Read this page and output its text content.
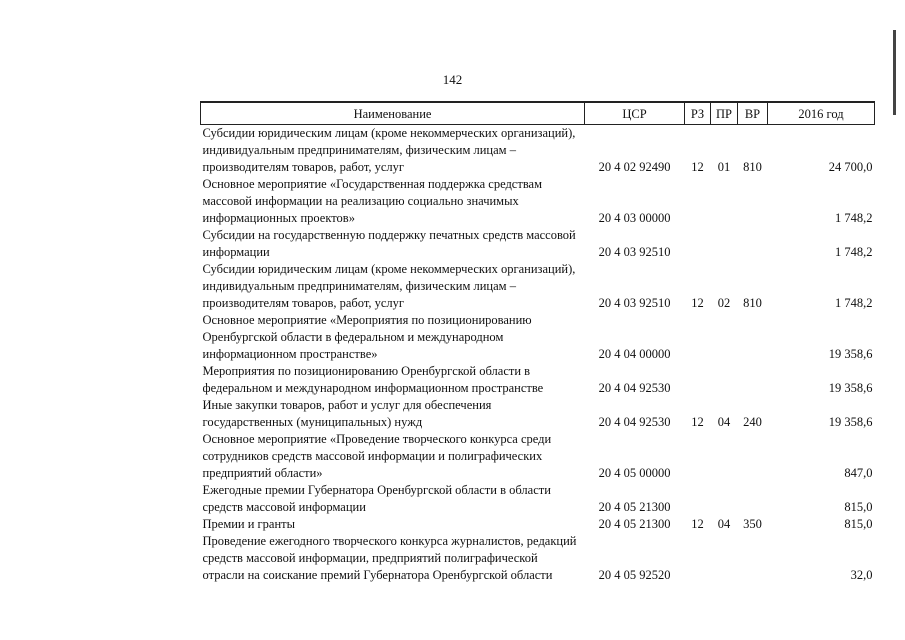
142
Наименование	ЦСР	РЗ	ПР	ВР	2016 год
Субсидии юридическим лицам (кроме некоммерческих организаций), индивидуальным предпринимателям, физическим лицам – производителям товаров, работ, услуг	20 4 02 92490	12	01	810	24 700,0
Основное мероприятие «Государственная поддержка средствам массовой информации на реализацию социально значимых информационных проектов»	20 4 03 00000				1 748,2
Субсидии на государственную поддержку печатных средств массовой информации	20 4 03 92510				1 748,2
Субсидии юридическим лицам (кроме некоммерческих организаций), индивидуальным предпринимателям, физическим лицам – производителям товаров, работ, услуг	20 4 03 92510	12	02	810	1 748,2
Основное мероприятие «Мероприятия по позиционированию Оренбургской области в федеральном и международном информационном пространстве»	20 4 04 00000				19 358,6
Мероприятия по позиционированию Оренбургской области в федеральном и международном информационном пространстве	20 4 04 92530				19 358,6
Иные закупки товаров, работ и услуг для обеспечения государственных (муниципальных) нужд	20 4 04 92530	12	04	240	19 358,6
Основное мероприятие «Проведение творческого конкурса среди сотрудников средств массовой информации и полиграфических предприятий области»	20 4 05 00000				847,0
Ежегодные премии Губернатора Оренбургской области в области средств массовой информации	20 4 05 21300				815,0
Премии и гранты	20 4 05 21300	12	04	350	815,0
Проведение ежегодного творческого конкурса журналистов, редакций средств массовой информации, предприятий полиграфической отрасли на соискание премий Губернатора Оренбургской области	20 4 05 92520				32,0
